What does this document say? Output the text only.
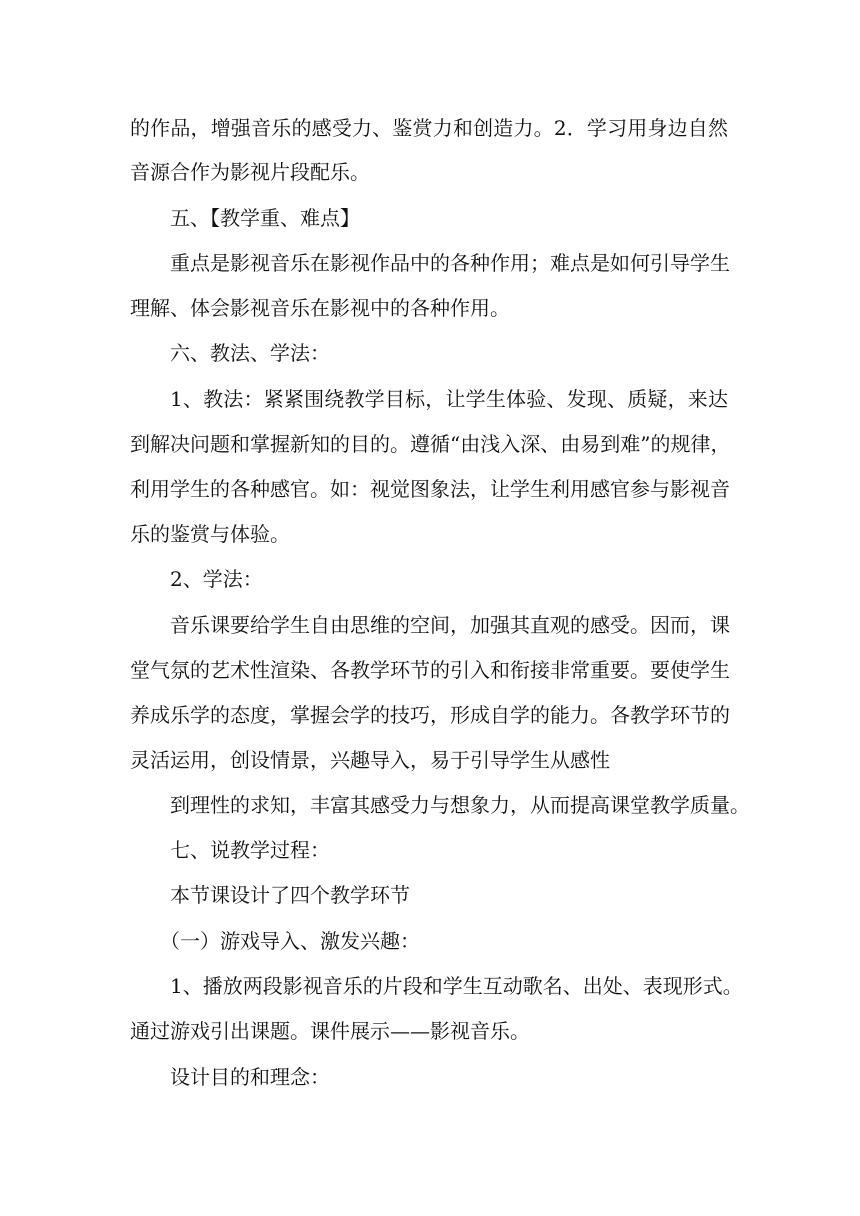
的作品，增强音乐的感受力、鉴赏力和创造力。2．学习用身边自然
音源合作为影视片段配乐。
五、【教学重、难点】
重点是影视音乐在影视作品中的各种作用；难点是如何引导学生
理解、体会影视音乐在影视中的各种作用。
六、教法、学法：
1、教法：紧紧围绕教学目标，让学生体验、发现、质疑，来达
到解决问题和掌握新知的目的。遵循“由浅入深、由易到难”的规律，
利用学生的各种感官。如：视觉图象法，让学生利用感官参与影视音
乐的鉴赏与体验。
2、学法：
音乐课要给学生自由思维的空间，加强其直观的感受。因而，课
堂气氛的艺术性渲染、各教学环节的引入和衔接非常重要。要使学生
养成乐学的态度，掌握会学的技巧，形成自学的能力。各教学环节的
灵活运用，创设情景，兴趣导入，易于引导学生从感性
到理性的求知，丰富其感受力与想象力，从而提高课堂教学质量。
七、说教学过程：
本节课设计了四个教学环节
（一）游戏导入、激发兴趣：
1、播放两段影视音乐的片段和学生互动歌名、出处、表现形式。
通过游戏引出课题。课件展示——影视音乐。
设计目的和理念：
